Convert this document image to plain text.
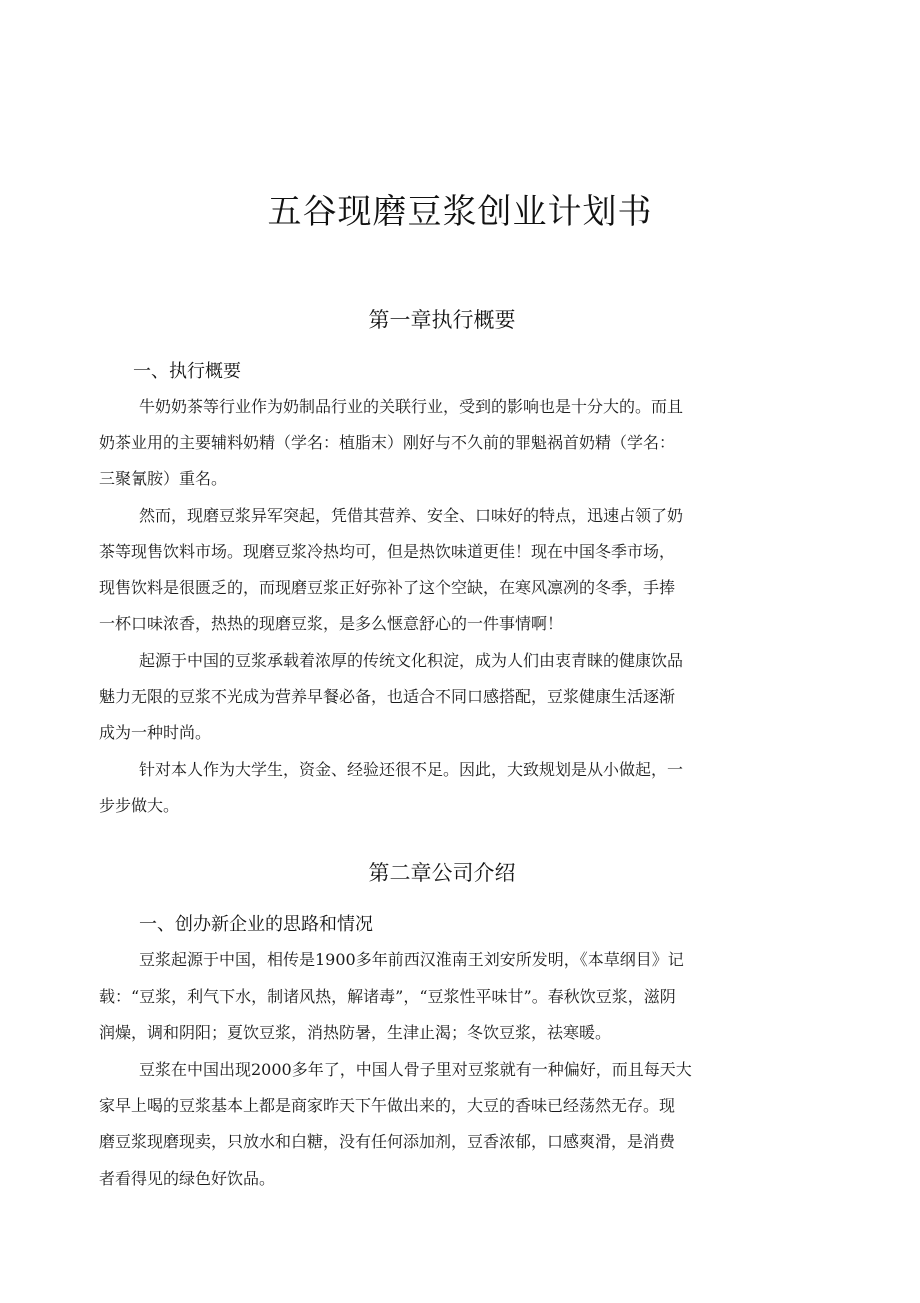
五谷现磨豆浆创业计划书
第一章执行概要
一、执行概要
牛奶奶茶等行业作为奶制品行业的关联行业，受到的影响也是十分大的。而且
奶茶业用的主要辅料奶精（学名：植脂末）刚好与不久前的罪魁祸首奶精（学名：
三聚氰胺）重名。
然而，现磨豆浆异军突起，凭借其营养、安全、口味好的特点，迅速占领了奶
茶等现售饮料市场。现磨豆浆冷热均可，但是热饮味道更佳！现在中国冬季市场，
现售饮料是很匮乏的，而现磨豆浆正好弥补了这个空缺，在寒风凛冽的冬季，手捧
一杯口味浓香，热热的现磨豆浆，是多么惬意舒心的一件事情啊！
起源于中国的豆浆承载着浓厚的传统文化积淀，成为人们由衷青睐的健康饮品
魅力无限的豆浆不光成为营养早餐必备，也适合不同口感搭配，豆浆健康生活逐渐
成为一种时尚。
针对本人作为大学生，资金、经验还很不足。因此，大致规划是从小做起，一
步步做大。
第二章公司介绍
一、创办新企业的思路和情况
豆浆起源于中国，相传是1900多年前西汉淮南王刘安所发明，《本草纲目》记
载：“豆浆，利气下水，制诸风热，解诸毒”，“豆浆性平味甘”。春秋饮豆浆，滋阴
润燥，调和阴阳；夏饮豆浆，消热防暑，生津止渴；冬饮豆浆，祛寒暖。
豆浆在中国出现2000多年了，中国人骨子里对豆浆就有一种偏好，而且每天大
家早上喝的豆浆基本上都是商家昨天下午做出来的，大豆的香味已经荡然无存。现
磨豆浆现磨现卖，只放水和白糖，没有任何添加剂，豆香浓郁，口感爽滑，是消费
者看得见的绿色好饮品。
